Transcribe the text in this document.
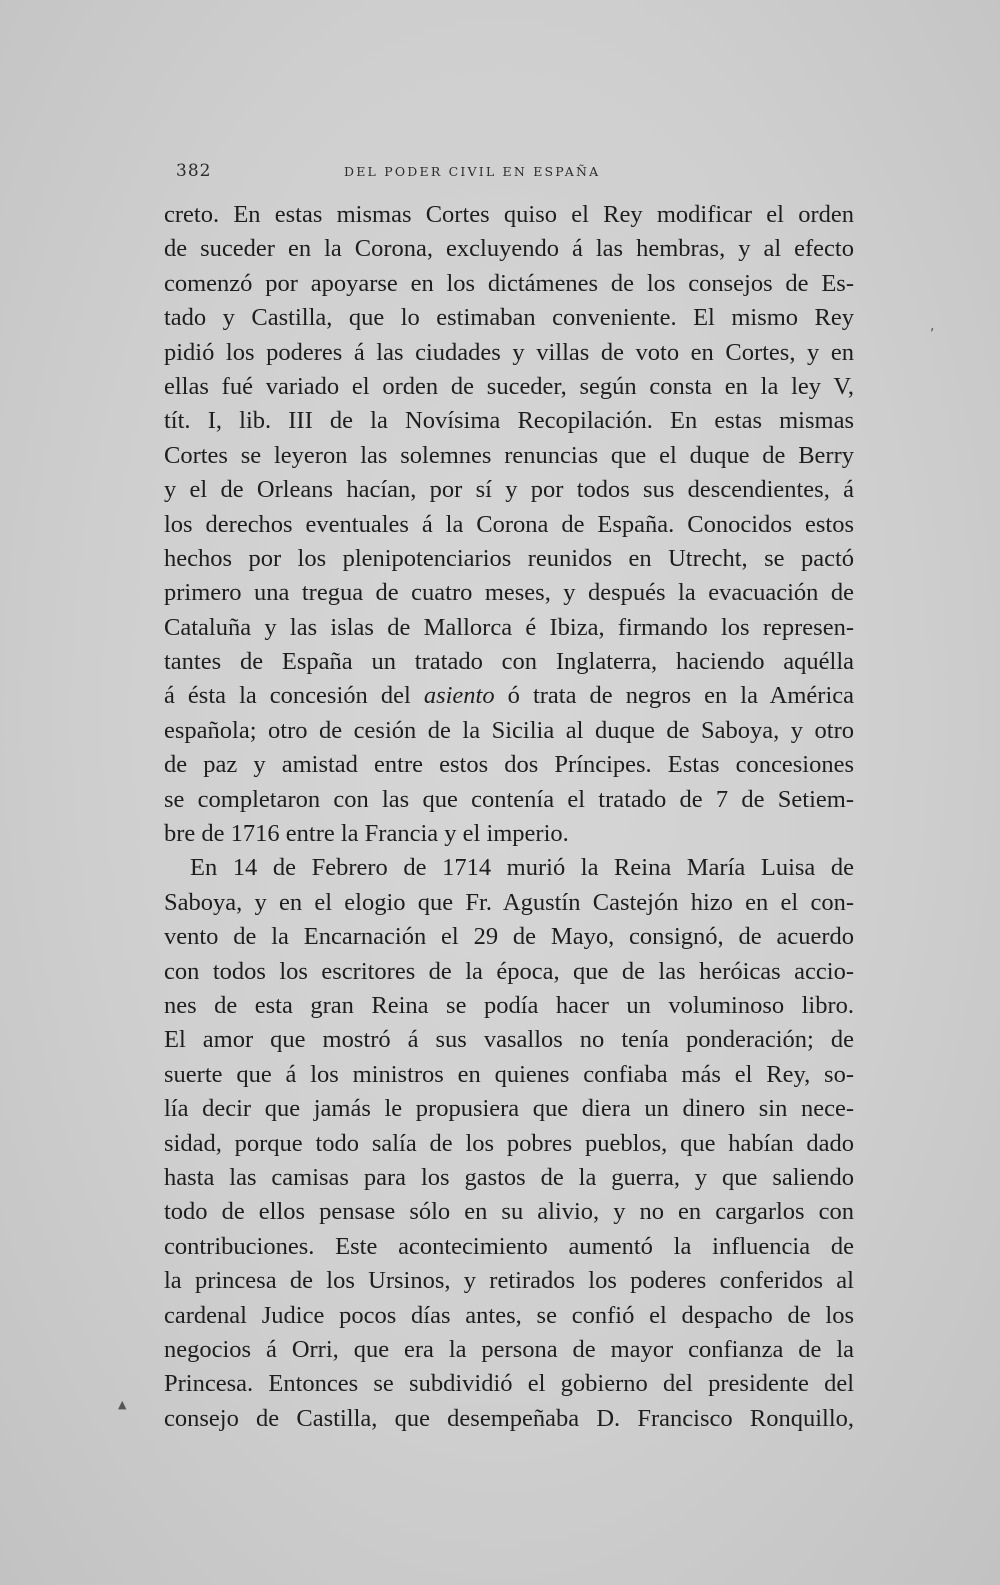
382	DEL PODER CIVIL EN ESPAÑA
creto. En estas mismas Cortes quiso el Rey modificar el orden
de suceder en la Corona, excluyendo á las hembras, y al efecto
comenzó por apoyarse en los dictámenes de los consejos de Es-
tado y Castilla, que lo estimaban conveniente. El mismo Rey
pidió los poderes á las ciudades y villas de voto en Cortes, y en
ellas fué variado el orden de suceder, según consta en la ley V,
tít. I, lib. III de la Novísima Recopilación. En estas mismas
Cortes se leyeron las solemnes renuncias que el duque de Berry
y el de Orleans hacían, por sí y por todos sus descendientes, á
los derechos eventuales á la Corona de España. Conocidos estos
hechos por los plenipotenciarios reunidos en Utrecht, se pactó
primero una tregua de cuatro meses, y después la evacuación de
Cataluña y las islas de Mallorca é Ibiza, firmando los represen-
tantes de España un tratado con Inglaterra, haciendo aquélla
á ésta la concesión del asiento ó trata de negros en la América
española; otro de cesión de la Sicilia al duque de Saboya, y otro
de paz y amistad entre estos dos Príncipes. Estas concesiones
se completaron con las que contenía el tratado de 7 de Setiem-
bre de 1716 entre la Francia y el imperio.
En 14 de Febrero de 1714 murió la Reina María Luisa de
Saboya, y en el elogio que Fr. Agustín Castejón hizo en el con-
vento de la Encarnación el 29 de Mayo, consignó, de acuerdo
con todos los escritores de la época, que de las heróicas accio-
nes de esta gran Reina se podía hacer un voluminoso libro.
El amor que mostró á sus vasallos no tenía ponderación; de
suerte que á los ministros en quienes confiaba más el Rey, so-
lía decir que jamás le propusiera que diera un dinero sin nece-
sidad, porque todo salía de los pobres pueblos, que habían dado
hasta las camisas para los gastos de la guerra, y que saliendo
todo de ellos pensase sólo en su alivio, y no en cargarlos con
contribuciones. Este acontecimiento aumentó la influencia de
la princesa de los Ursinos, y retirados los poderes conferidos al
cardenal Judice pocos días antes, se confió el despacho de los
negocios á Orri, que era la persona de mayor confianza de la
Princesa. Entonces se subdividió el gobierno del presidente del
consejo de Castilla, que desempeñaba D. Francisco Ronquillo,
,
▲
